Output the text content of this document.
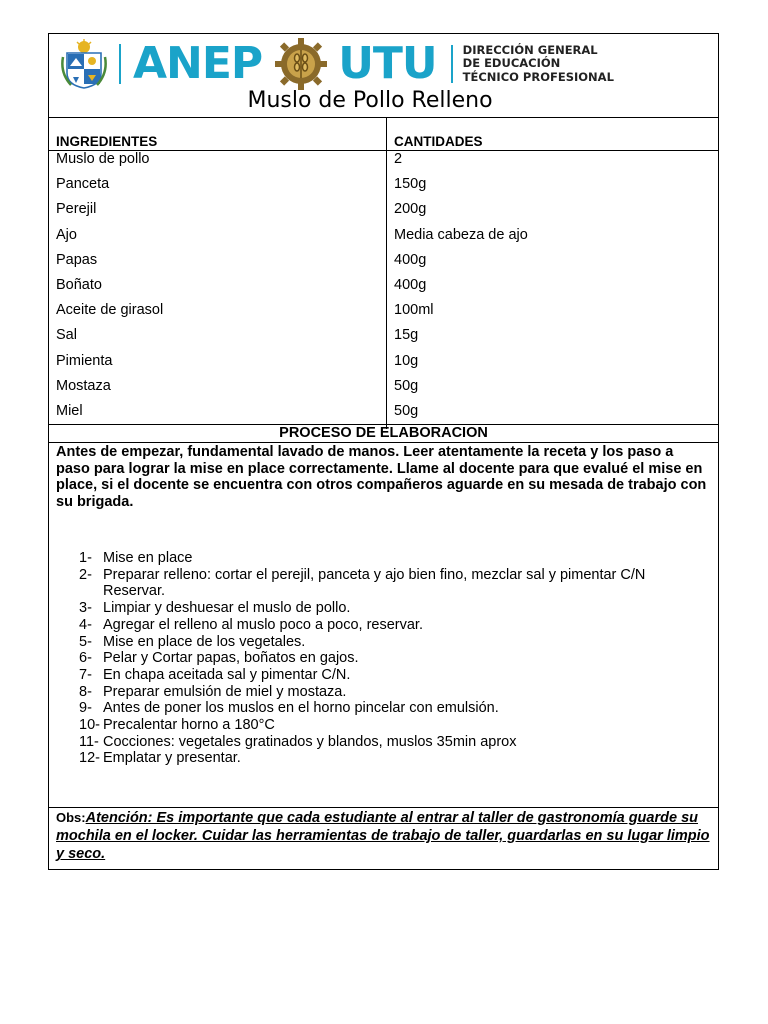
ANEP UTU DIRECCIÓN GENERAL
DE EDUCACIÓN
TÉCNICO PROFESIONAL
Muslo de Pollo Relleno
INGREDIENTES	CANTIDADES
Muslo de pollo	2
Panceta	150g
Perejil	200g
Ajo	Media cabeza de ajo
Papas	400g
Boñato	400g
Aceite de girasol	100ml
Sal	15g
Pimienta	10g
Mostaza	50g
Miel	50g
PROCESO DE ELABORACION
Antes de empezar, fundamental lavado de manos. Leer atentamente la receta y los paso a paso para lograr la mise en place correctamente. Llame al docente para que evalué el mise en place, si el docente se encuentra con otros compañeros aguarde en su mesada de trabajo con su brigada.
1- Mise en place
2- Preparar relleno: cortar el perejil, panceta y ajo bien fino, mezclar sal y pimentar C/N Reservar.
3- Limpiar y deshuesar el muslo de pollo.
4- Agregar el relleno al muslo poco a poco, reservar.
5- Mise en place de los vegetales.
6- Pelar y Cortar papas, boñatos en gajos.
7- En chapa aceitada sal y pimentar C/N.
8- Preparar emulsión de miel y mostaza.
9- Antes de poner los muslos en el horno pincelar con emulsión.
10- Precalentar horno a 180°C
11- Cocciones: vegetales gratinados y blandos, muslos 35min aprox
12- Emplatar y presentar.
Obs:Atención: Es importante que cada estudiante al entrar al taller de gastronomía guarde su mochila en el locker. Cuidar las herramientas de trabajo de taller, guardarlas en su lugar limpio y seco.
